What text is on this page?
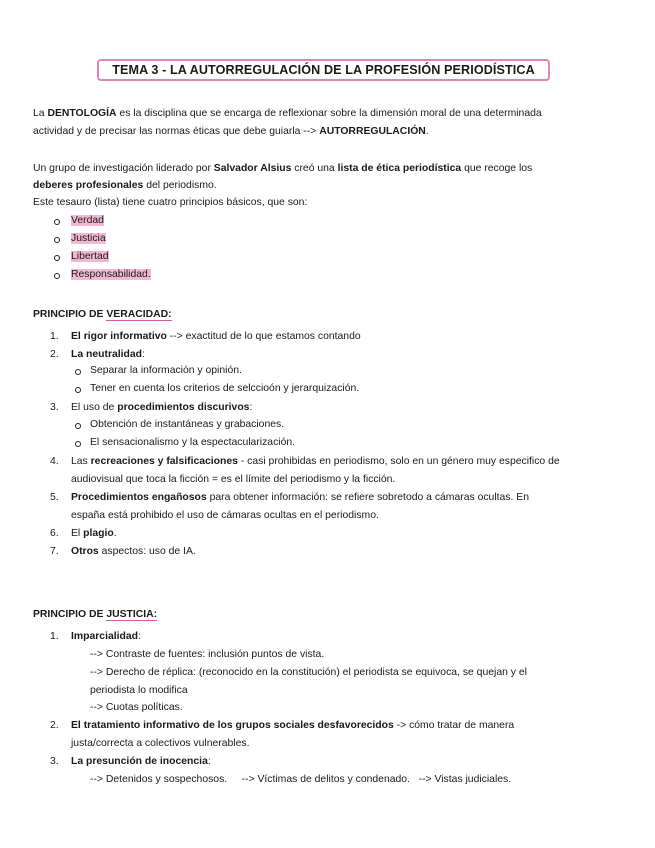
TEMA 3 - LA AUTORREGULACIÓN DE LA PROFESIÓN PERIODÍSTICA
La DENTOLOGÍA es la disciplina que se encarga de reflexionar sobre la dimensión moral de una determinada
actividad y de precisar las normas éticas que debe guiarla --> AUTORREGULACIÓN.
Un grupo de investigación liderado por Salvador Alsius creó una lista de ética periodística que recoge los
deberes profesionales del periodismo.
Este tesauro (lista) tiene cuatro principios básicos, que son:
Verdad
Justicia
Libertad
Responsabilidad.
PRINCIPIO DE VERACIDAD:
1. El rigor informativo --> exactitud de lo que estamos contando
2. La neutralidad:
Separar la información y opinión.
Tener en cuenta los criterios de selccioón y jerarquización.
3. El uso de procedimientos discurivos:
Obtención de instantáneas y grabaciones.
El sensacionalismo y la espectacularización.
4. Las recreaciones y falsificaciones - casi prohibidas en periodismo, solo en un género muy especifico de
audiovisual que toca la ficción = es el límite del periodismo y la ficción.
5. Procedimientos engañosos para obtener información: se refiere sobretodo a cámaras ocultas. En
españa está prohibido el uso de cámaras ocultas en el periodismo.
6. El plagio.
7. Otros aspectos: uso de IA.
PRINCIPIO DE JUSTICIA:
1. Imparcialidad:
--> Contraste de fuentes: inclusión puntos de vista.
--> Derecho de réplica: (reconocido en la constitución) el periodista se equivoca, se quejan y el
periodista lo modifica
--> Cuotas políticas.
2. El tratamiento informativo de los grupos sociales desfavorecidos -> cómo tratar de manera
justa/correcta a colectivos vulnerables.
3. La presunción de inocencia:
--> Detenidos y sospechosos.     --> Víctimas de delitos y condenado.   --> Vistas judiciales.
